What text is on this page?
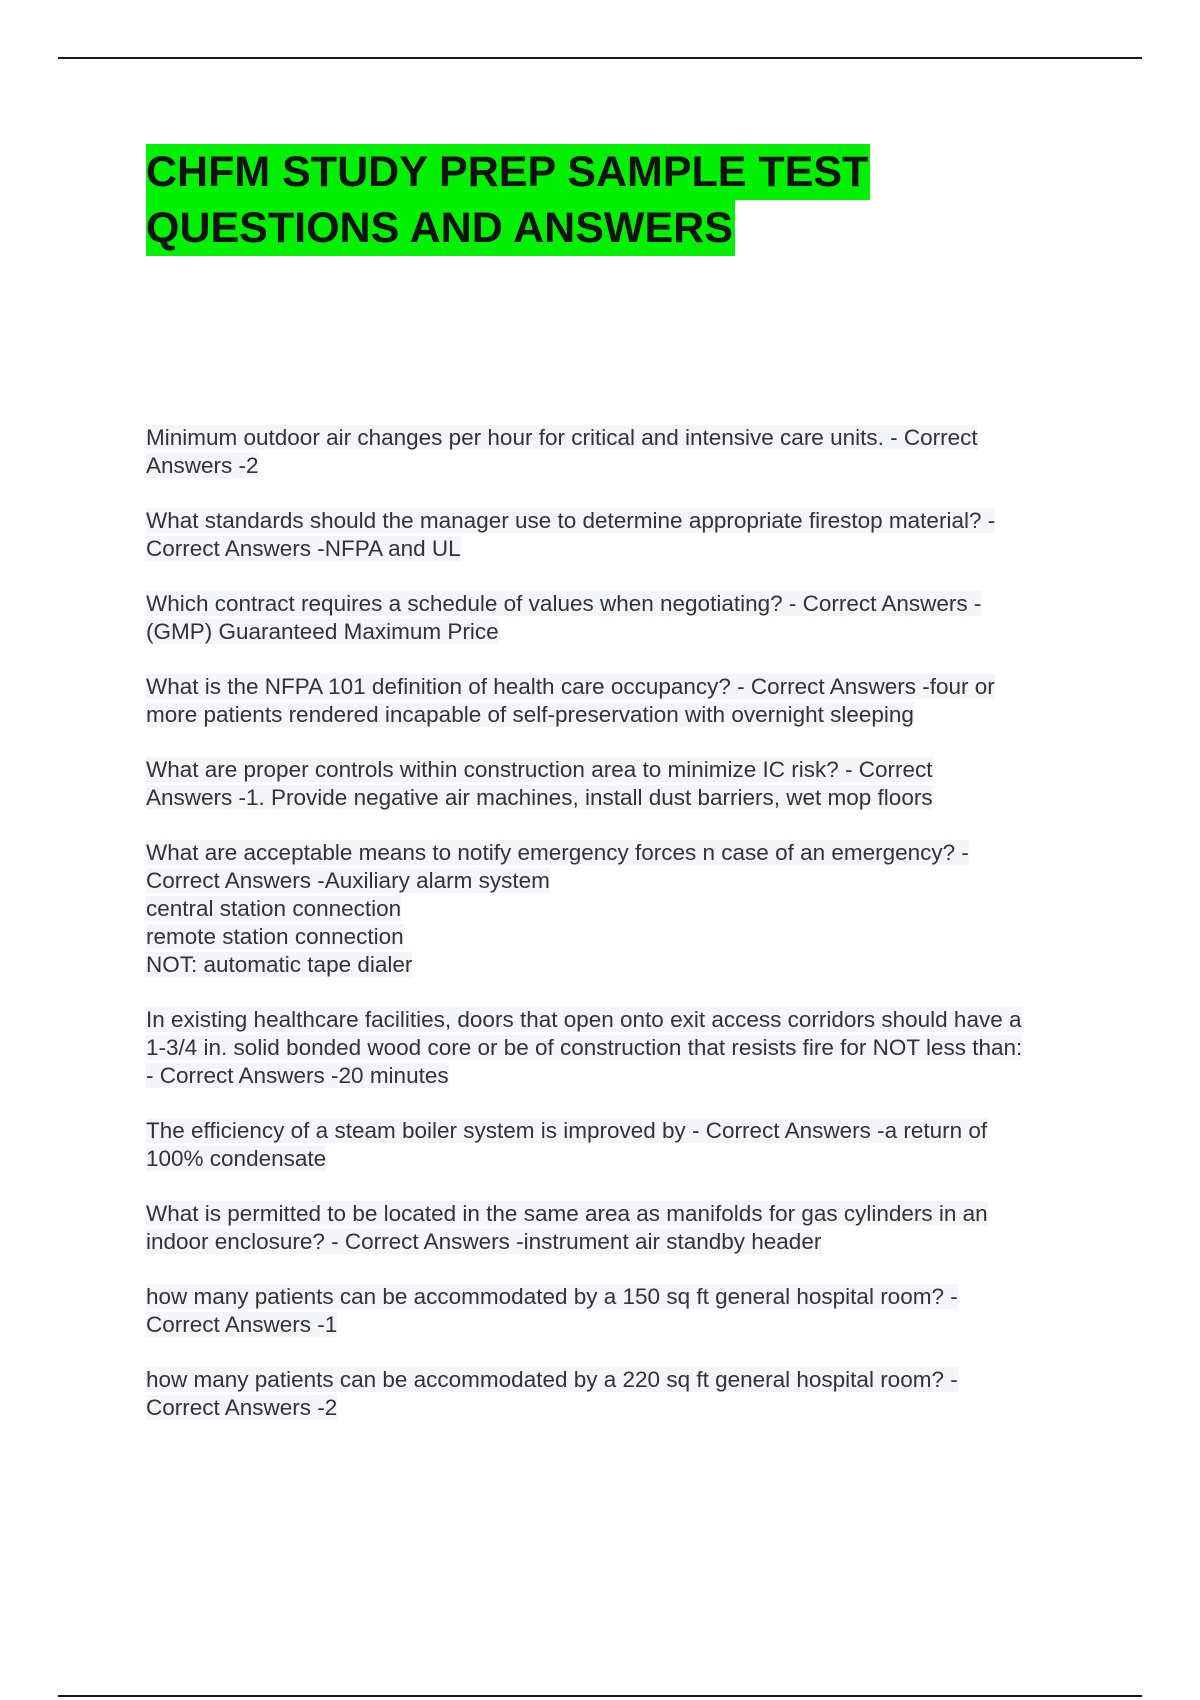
CHFM STUDY PREP SAMPLE TEST
QUESTIONS AND ANSWERS
Minimum outdoor air changes per hour for critical and intensive care units. - Correct
Answers -2
What standards should the manager use to determine appropriate firestop material? -
Correct Answers -NFPA and UL
Which contract requires a schedule of values when negotiating? - Correct Answers -
(GMP) Guaranteed Maximum Price
What is the NFPA 101 definition of health care occupancy? - Correct Answers -four or
more patients rendered incapable of self-preservation with overnight sleeping
What are proper controls within construction area to minimize IC risk? - Correct
Answers -1. Provide negative air machines, install dust barriers, wet mop floors
What are acceptable means to notify emergency forces n case of an emergency? -
Correct Answers -Auxiliary alarm system
central station connection
remote station connection
NOT: automatic tape dialer
In existing healthcare facilities, doors that open onto exit access corridors should have a
1-3/4 in. solid bonded wood core or be of construction that resists fire for NOT less than:
- Correct Answers -20 minutes
The efficiency of a steam boiler system is improved by - Correct Answers -a return of
100% condensate
What is permitted to be located in the same area as manifolds for gas cylinders in an
indoor enclosure? - Correct Answers -instrument air standby header
how many patients can be accommodated by a 150 sq ft general hospital room? -
Correct Answers -1
how many patients can be accommodated by a 220 sq ft general hospital room? -
Correct Answers -2
